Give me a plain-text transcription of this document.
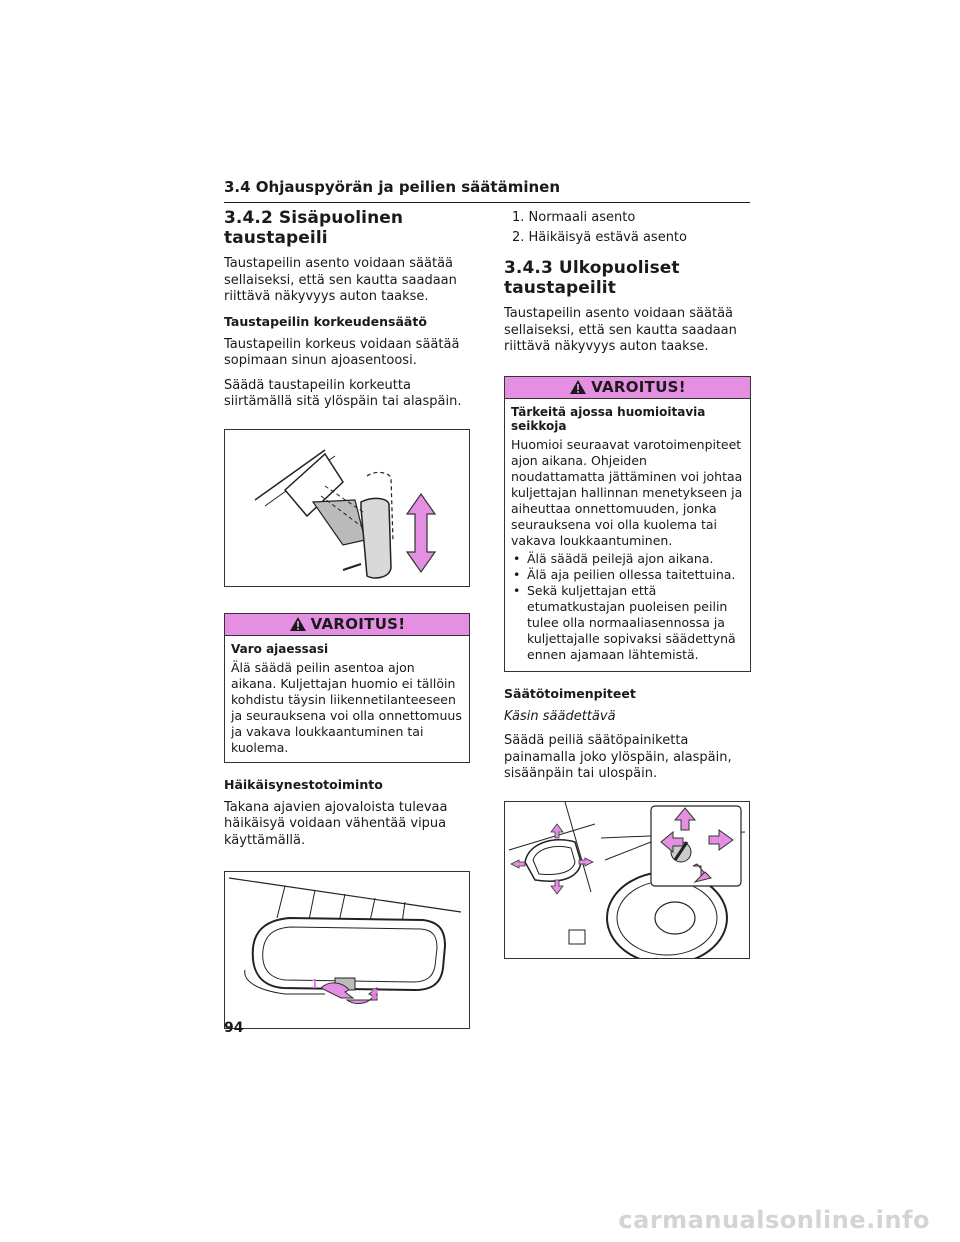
3.4 Ohjauspyörän ja peilien säätäminen
3.4.2 Sisäpuolinen taustapeili

Taustapeilin asento voidaan säätää sellaiseksi, että sen kautta saadaan riittävä näkyvyys auton taakse.

Taustapeilin korkeudensäätö

Taustapeilin korkeus voidaan säätää sopimaan sinun ajoasentoosi.

Säädä taustapeilin korkeutta siirtämällä sitä ylöspäin tai alaspäin.

VAROITUS!
Varo ajaessasi

Älä säädä peilin asentoa ajon aikana. Kuljettajan huomio ei tällöin kohdistu täysin liikennetilanteeseen ja seurauksena voi olla onnettomuus ja vakava loukkaantuminen tai kuolema.

Häikäisynestotoiminto

Takana ajavien ajovaloista tulevaa häikäisyä voidaan vähentää vipua käyttämällä.

1
2
1. Normaali asento
2. Häikäisyä estävä asento
3.4.3 Ulkopuoliset taustapeilit

Taustapeilin asento voidaan säätää sellaiseksi, että sen kautta saadaan riittävä näkyvyys auton taakse.

VAROITUS!
Tärkeitä ajossa huomioitavia seikkoja

Huomioi seuraavat varotoimenpiteet ajon aikana. Ohjeiden noudattamatta jättäminen voi johtaa kuljettajan hallinnan menetykseen ja aiheuttaa onnettomuuden, jonka seurauksena voi olla kuolema tai vakava loukkaantuminen.

• Älä säädä peilejä ajon aikana.
• Älä aja peilien ollessa taitettuina.
• Sekä kuljettajan että etumatkustajan puoleisen peilin tulee olla normaaliasennossa ja kuljettajalle sopivaksi säädettynä ennen ajamaan lähtemistä.
Säätötoimenpiteet

Käsin säädettävä

Säädä peiliä säätöpainiketta painamalla joko ylöspäin, alaspäin, sisäänpäin tai ulospäin.

94
carmanualsonline.info
